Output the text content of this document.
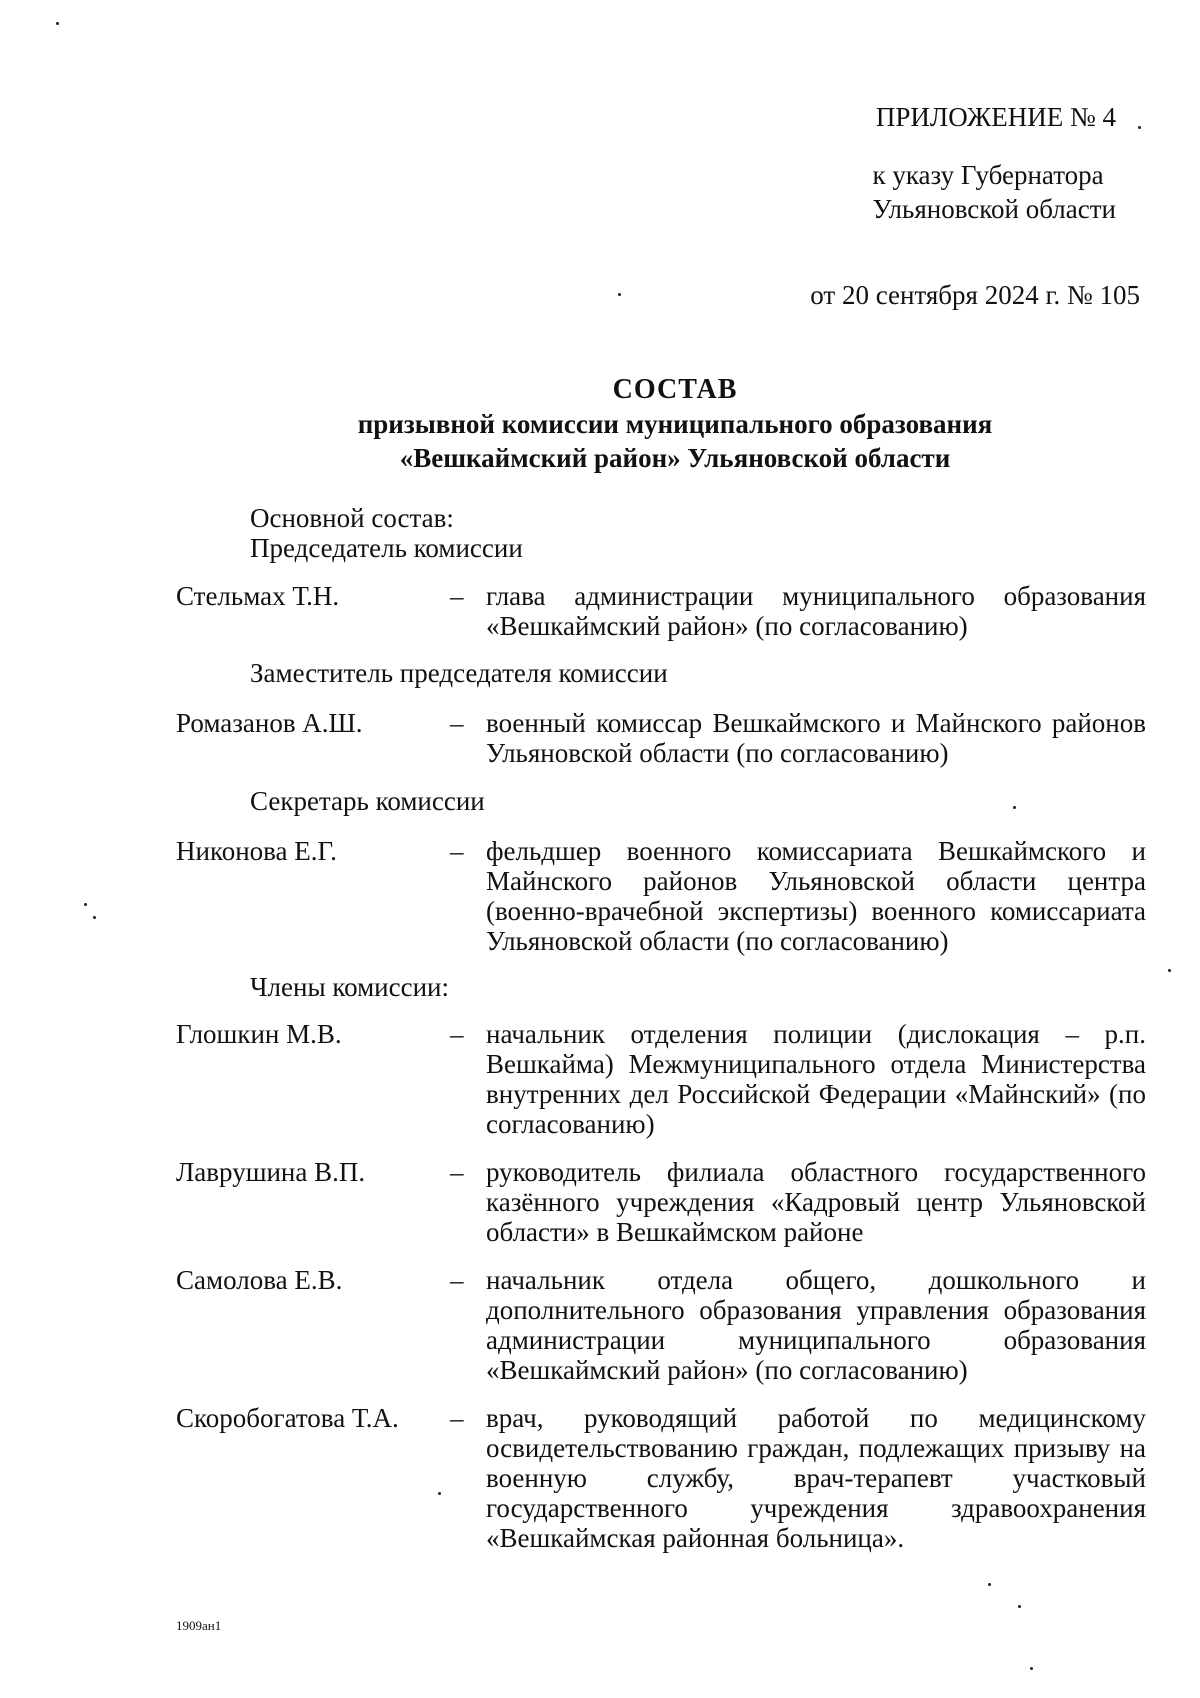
ПРИЛОЖЕНИЕ № 4
к указу Губернатора
Ульяновской области
от 20 сентября 2024 г. № 105
СОСТАВ
призывной комиссии муниципального образования
«Вешкаймский район» Ульяновской области
Основной состав:
Председатель комиссии
Стельмах Т.Н.	– глава администрации муниципального образования «Вешкаймский район» (по согласованию)
Заместитель председателя комиссии
Ромазанов А.Ш.	– военный комиссар Вешкаймского и Майнского районов Ульяновской области (по согласованию)
Секретарь комиссии
Никонова Е.Г.	– фельдшер военного комиссариата Вешкаймского и Майнского районов Ульяновской области центра (военно-врачебной экспертизы) военного комиссариата Ульяновской области (по согласованию)
Члены комиссии:
Глошкин М.В.	– начальник отделения полиции (дислокация – р.п. Вешкайма) Межмуниципального отдела Министерства внутренних дел Российской Федерации «Майнский» (по согласованию)
Лаврушина В.П.	– руководитель филиала областного государственного казённого учреждения «Кадровый центр Ульяновской области» в Вешкаймском районе
Самолова Е.В.	– начальник отдела общего, дошкольного и дополнительного образования управления образования администрации муниципального образования «Вешкаймский район» (по согласованию)
Скоробогатова Т.А. – врач, руководящий работой по медицинскому освидетельствованию граждан, подлежащих призыву на военную службу, врач-терапевт участковый государственного учреждения здравоохранения «Вешкаймская районная больница».
1909ан1
